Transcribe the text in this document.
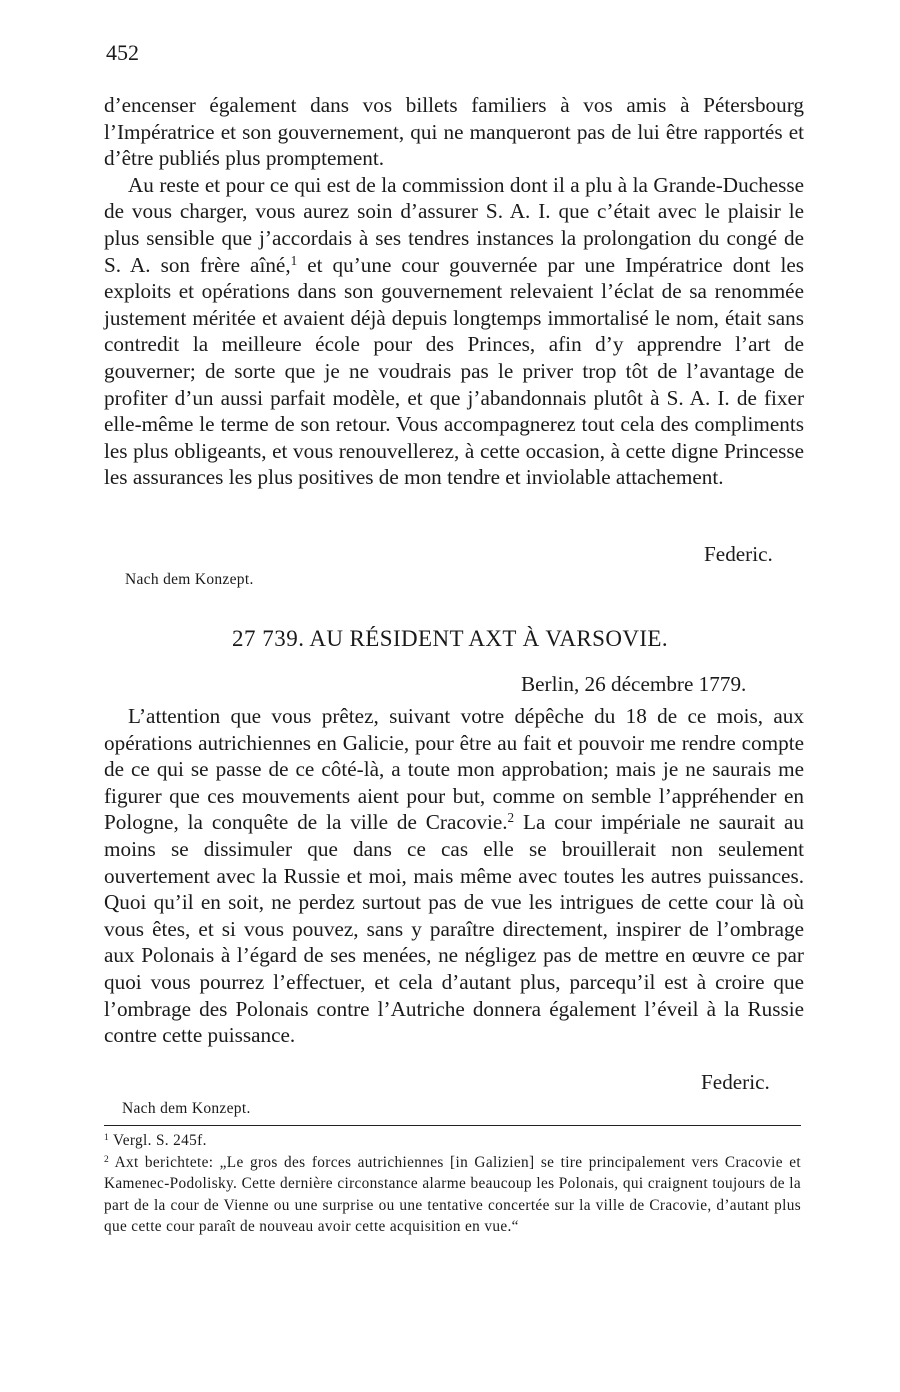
452

d’encenser également dans vos billets familiers à vos amis à Pétersbourg l’Impératrice et son gouvernement, qui ne manqueront pas de lui être rapportés et d’être publiés plus promptement.

Au reste et pour ce qui est de la commission dont il a plu à la Grande-Duchesse de vous charger, vous aurez soin d’assurer S. A. I. que c’était avec le plaisir le plus sensible que j’accordais à ses tendres instances la prolongation du congé de S. A. son frère aîné,$^1$ et qu’une cour gouvernée par une Impératrice dont les exploits et opérations dans son gouvernement relevaient l’éclat de sa renommée justement méritée et avaient déjà depuis longtemps immortalisé le nom, était sans contredit la meilleure école pour des Princes, afin d’y apprendre l’art de gouverner; de sorte que je ne voudrais pas le priver trop tôt de l’avantage de profiter d’un aussi parfait modèle, et que j’abandonnais plutôt à S. A. I. de fixer elle-même le terme de son retour. Vous accompagnerez tout cela des compliments les plus obligeants, et vous renouvellerez, à cette occasion, à cette digne Princesse les assurances les plus positives de mon tendre et inviolable attachement.

Federic.
Nach dem Konzept.
27 739. AU RÉSIDENT AXT À VARSOVIE.
Berlin, 26 décembre 1779.

L’attention que vous prêtez, suivant votre dépêche du 18 de ce mois, aux opérations autrichiennes en Galicie, pour être au fait et pouvoir me rendre compte de ce qui se passe de ce côté-là, a toute mon approbation; mais je ne saurais me figurer que ces mouvements aient pour but, comme on semble l’appréhender en Pologne, la conquête de la ville de Cracovie.$^2$ La cour impériale ne saurait au moins se dissimuler que dans ce cas elle se brouillerait non seulement ouvertement avec la Russie et moi, mais même avec toutes les autres puissances. Quoi qu’il en soit, ne perdez surtout pas de vue les intrigues de cette cour là où vous êtes, et si vous pouvez, sans y paraître directement, inspirer de l’ombrage aux Polonais à l’égard de ses menées, ne négligez pas de mettre en œuvre ce par quoi vous pourrez l’effectuer, et cela d’autant plus, parcequ’il est à croire que l’ombrage des Polonais contre l’Autriche donnera également l’éveil à la Russie contre cette puissance.

Federic.
Nach dem Konzept.

$^1$ Vergl. S. 245f.

$^2$ Axt berichtete: „Le gros des forces autrichiennes [in Galizien] se tire principalement vers Cracovie et Kamenec-Podolisky. Cette dernière circonstance alarme beaucoup les Polonais, qui craignent toujours de la part de la cour de Vienne ou une surprise ou une tentative concertée sur la ville de Cracovie, d’autant plus que cette cour paraît de nouveau avoir cette acquisition en vue.“
